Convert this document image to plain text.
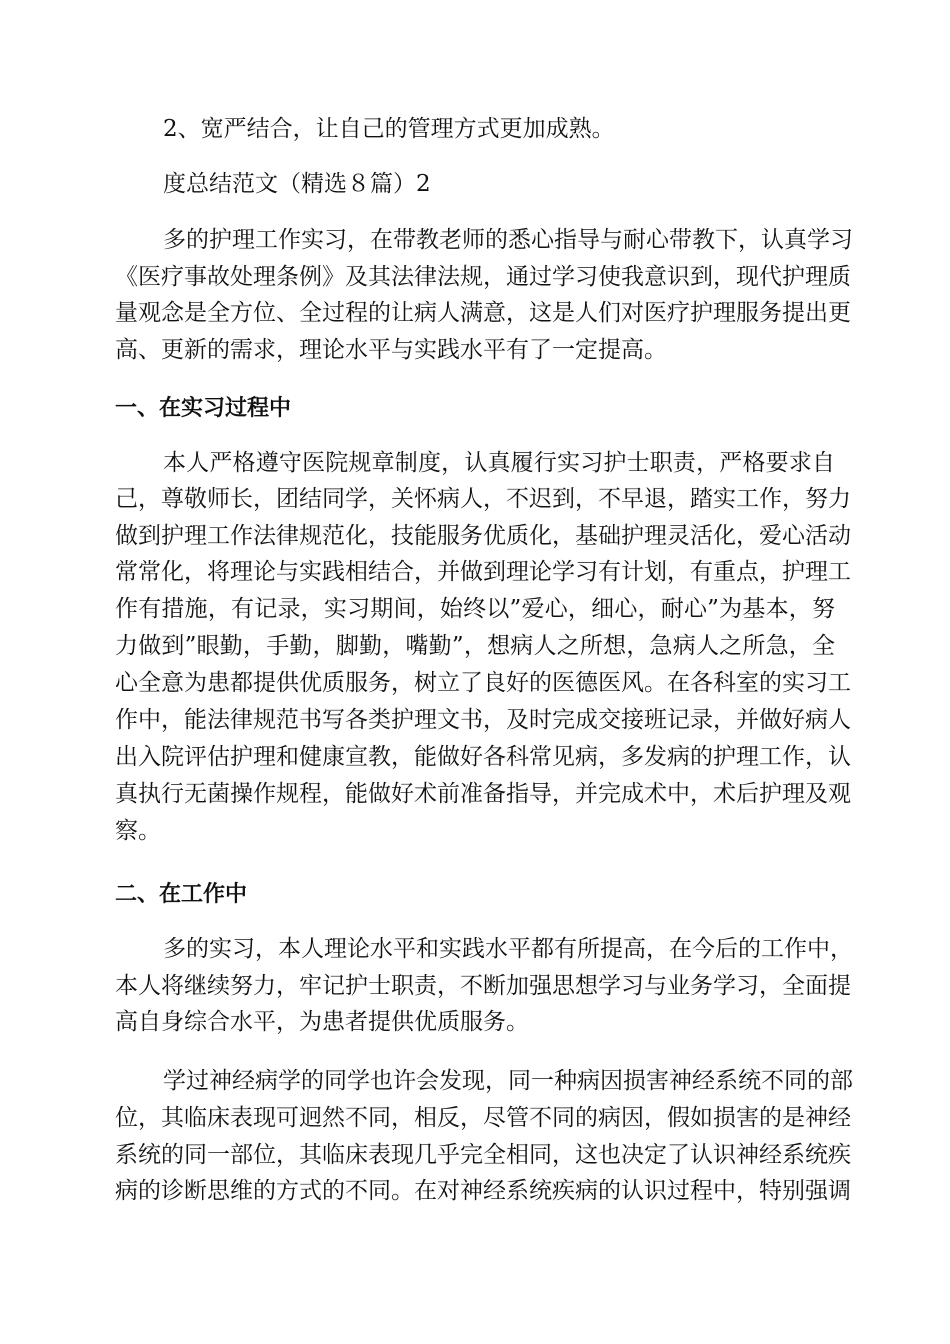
2、宽严结合，让自己的管理方式更加成熟。

度总结范文（精选８篇）2

多的护理工作实习，在带教老师的悉心指导与耐心带教下，认真学习

《医疗事故处理条例》及其法律法规，通过学习使我意识到，现代护理质

量观念是全方位、全过程的让病人满意，这是人们对医疗护理服务提出更

高、更新的需求，理论水平与实践水平有了一定提高。

一、在实习过程中

本人严格遵守医院规章制度，认真履行实习护士职责，严格要求自

己，尊敬师长，团结同学，关怀病人，不迟到，不早退，踏实工作，努力

做到护理工作法律规范化，技能服务优质化，基础护理灵活化，爱心活动

常常化，将理论与实践相结合，并做到理论学习有计划，有重点，护理工

作有措施，有记录，实习期间，始终以”爱心，细心，耐心”为基本，努

力做到”眼勤，手勤，脚勤，嘴勤”，想病人之所想，急病人之所急，全

心全意为患都提供优质服务，树立了良好的医德医风。在各科室的实习工

作中，能法律规范书写各类护理文书，及时完成交接班记录，并做好病人

出入院评估护理和健康宣教，能做好各科常见病，多发病的护理工作，认

真执行无菌操作规程，能做好术前准备指导，并完成术中，术后护理及观

察。

二、在工作中

多的实习，本人理论水平和实践水平都有所提高，在今后的工作中，

本人将继续努力，牢记护士职责，不断加强思想学习与业务学习，全面提

高自身综合水平，为患者提供优质服务。

学过神经病学的同学也许会发现，同一种病因损害神经系统不同的部

位，其临床表现可迥然不同，相反，尽管不同的病因，假如损害的是神经

系统的同一部位，其临床表现几乎完全相同，这也决定了认识神经系统疾

病的诊断思维的方式的不同。在对神经系统疾病的认识过程中，特别强调
